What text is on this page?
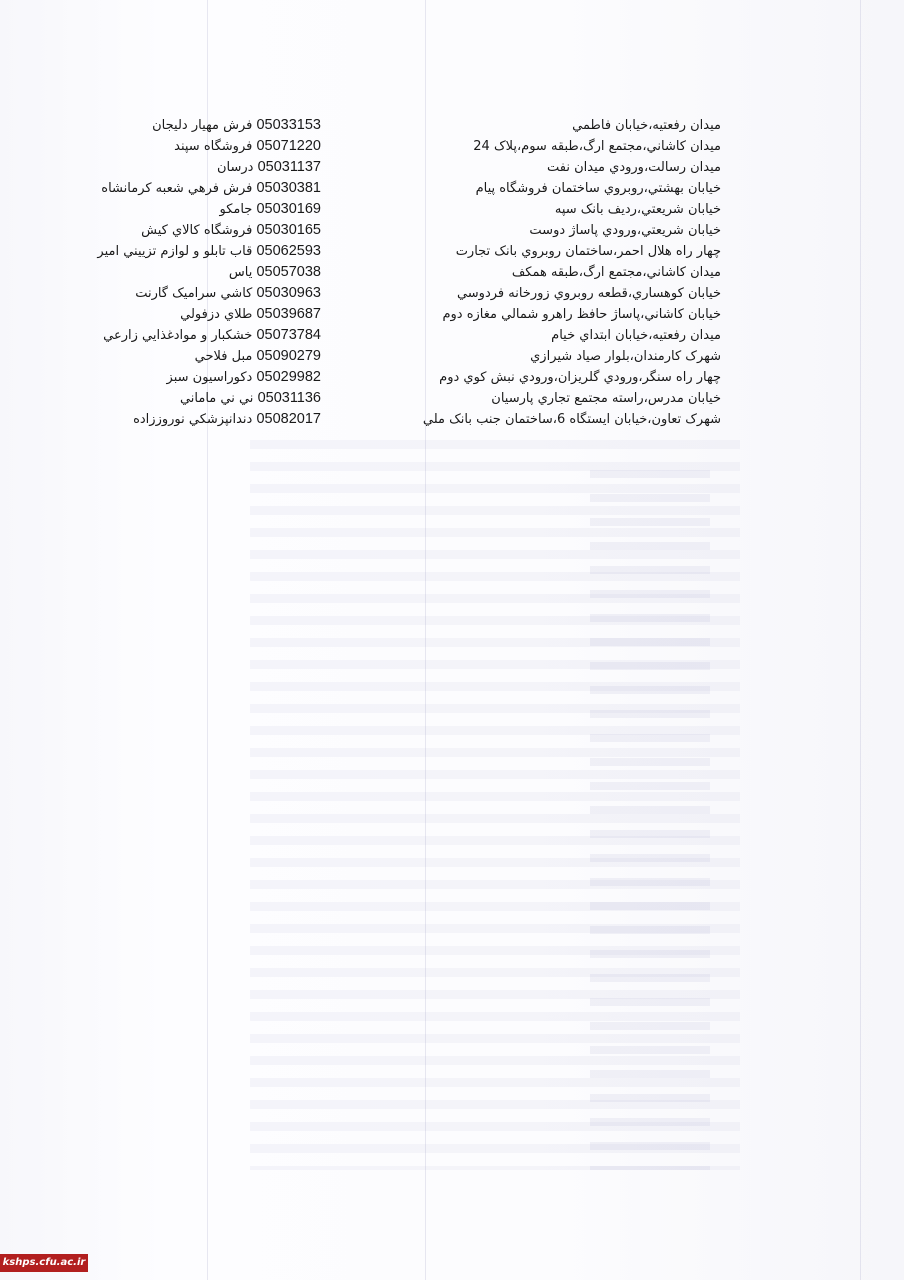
ميدان رفعتيه،خيابان فاطمي
05033153 فرش مهيار دليجان
ميدان كاشاني،مجتمع ارگ،طبقه سوم،پلاک 24
05071220 فروشگاه سپند
ميدان رسالت،ورودي ميدان نفت
05031137 درسان
خيابان بهشتي،روبروي ساختمان فروشگاه پيام
05030381 فرش فرهي شعبه كرمانشاه
خيابان شريعتي،رديف بانک سپه
05030169 جامكو
خيابان شريعتي،ورودي پاساژ دوست
05030165 فروشگاه كالاي كيش
چهار راه هلال احمر،ساختمان روبروي بانک تجارت
05062593 قاب تابلو و لوازم تزييني امير
ميدان كاشاني،مجتمع ارگ،طبقه همكف
05057038 ياس
خيابان كوهساري،قطعه روبروي زورخانه فردوسي
05030963 كاشي سراميک گارنت
خيابان كاشاني،پاساژ حافظ راهرو شمالي مغازه دوم
05039687 طلاي دزفولي
ميدان رفعتيه،خيابان ابتداي خيام
05073784 خشكبار و موادغذايي زارعي
شهرک كارمندان،بلوار صياد شيرازي
05090279 مبل فلاحي
چهار راه سنگر،ورودي گلريزان،ورودي نبش كوي دوم
05029982 دكوراسيون سبز
خيابان مدرس،راسته مجتمع تجاري پارسيان
05031136 ني ني ماماني
شهرک تعاون،خيابان ايستگاه 6،ساختمان جنب بانک ملي
05082017 دندانپزشكي نوروززاده
kshps.cfu.ac.ir
